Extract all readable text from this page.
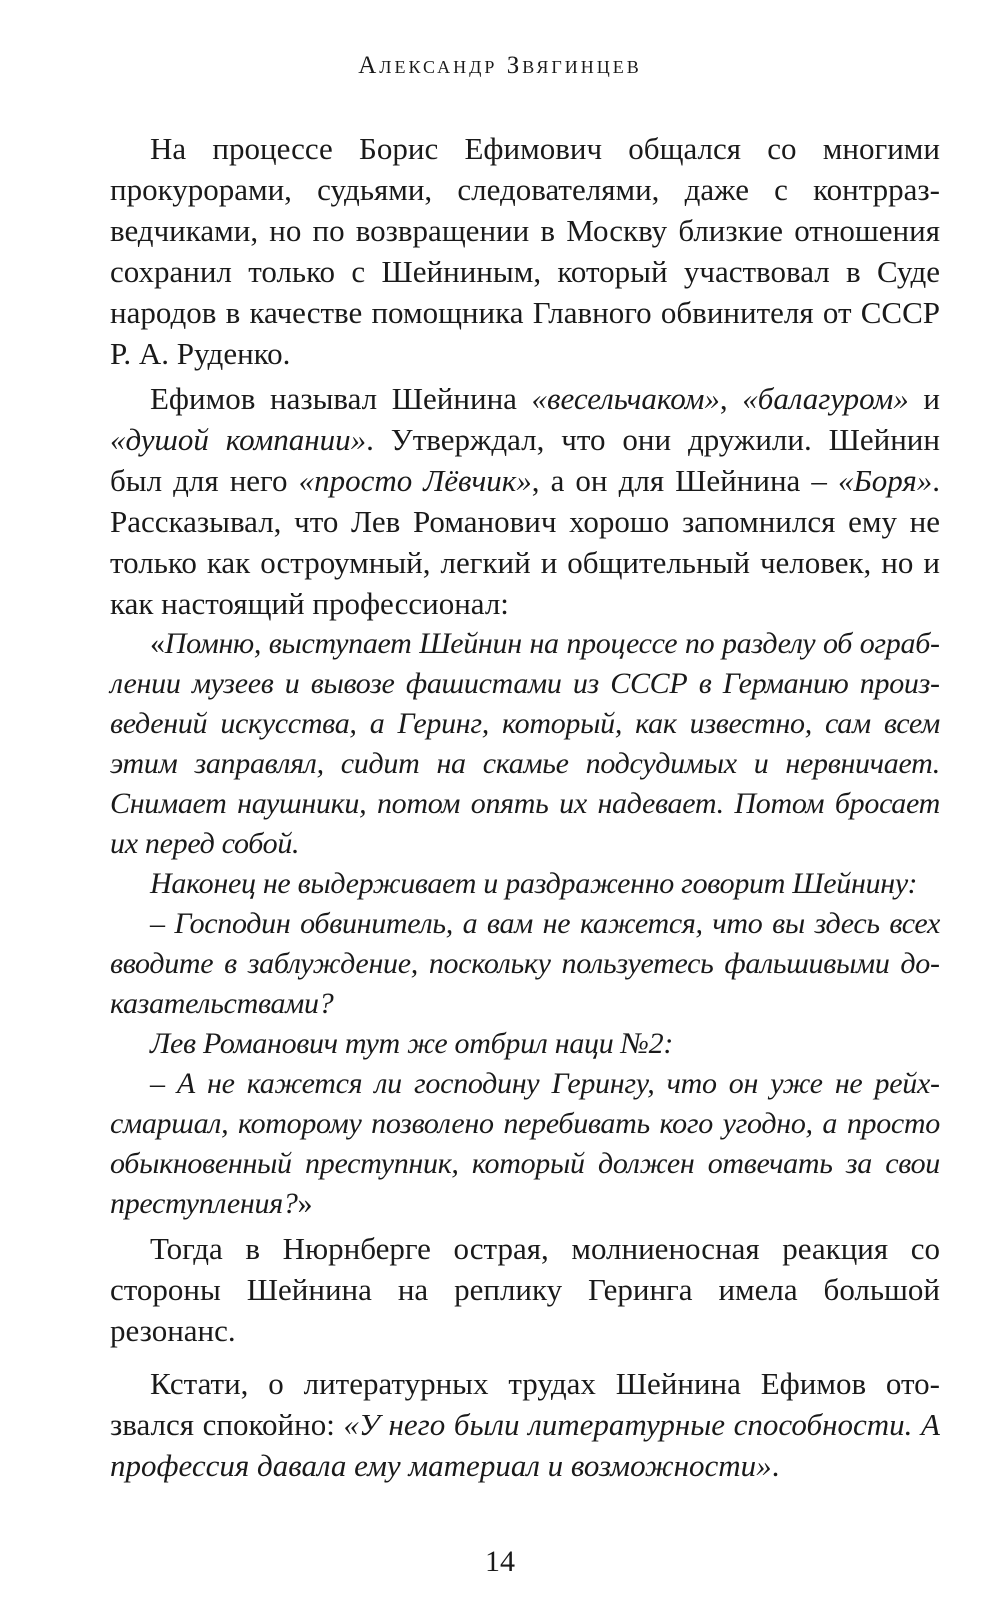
Александр Звягинцев

На процессе Борис Ефимович общался со многими прокурорами, судьями, следователями, даже с контрразведчиками, но по возвращении в Москву близкие отношения сохранил только с Шейниным, который участвовал в Суде народов в качестве помощника Главного обвинителя от СССР Р. А. Руденко.

Ефимов называл Шейнина «весельчаком», «балагуром» и «душой компании». Утверждал, что они дружили. Шейнин был для него «просто Лёвчик», а он для Шейнина – «Боря». Рассказывал, что Лев Романович хорошо запомнился ему не только как остроумный, легкий и общительный человек, но и как настоящий профессионал:

«Помню, выступает Шейнин на процессе по разделу об ограблении музеев и вывозе фашистами из СССР в Германию произведений искусства, а Геринг, который, как известно, сам всем этим заправлял, сидит на скамье подсудимых и нервничает. Снимает наушники, потом опять их надевает. Потом бросает их перед собой.

Наконец не выдерживает и раздраженно говорит Шейнину:

– Господин обвинитель, а вам не кажется, что вы здесь всех вводите в заблуждение, поскольку пользуетесь фальшивыми доказательствами?

Лев Романович тут же отбрил наци №2:

– А не кажется ли господину Герингу, что он уже не рейхсмаршал, которому позволено перебивать кого угодно, а просто обыкновенный преступник, который должен отвечать за свои преступления?»

Тогда в Нюрнберге острая, молниеносная реакция со стороны Шейнина на реплику Геринга имела большой резонанс.

Кстати, о литературных трудах Шейнина Ефимов отозвался спокойно: «У него были литературные способности. А профессия давала ему материал и возможности».

14
